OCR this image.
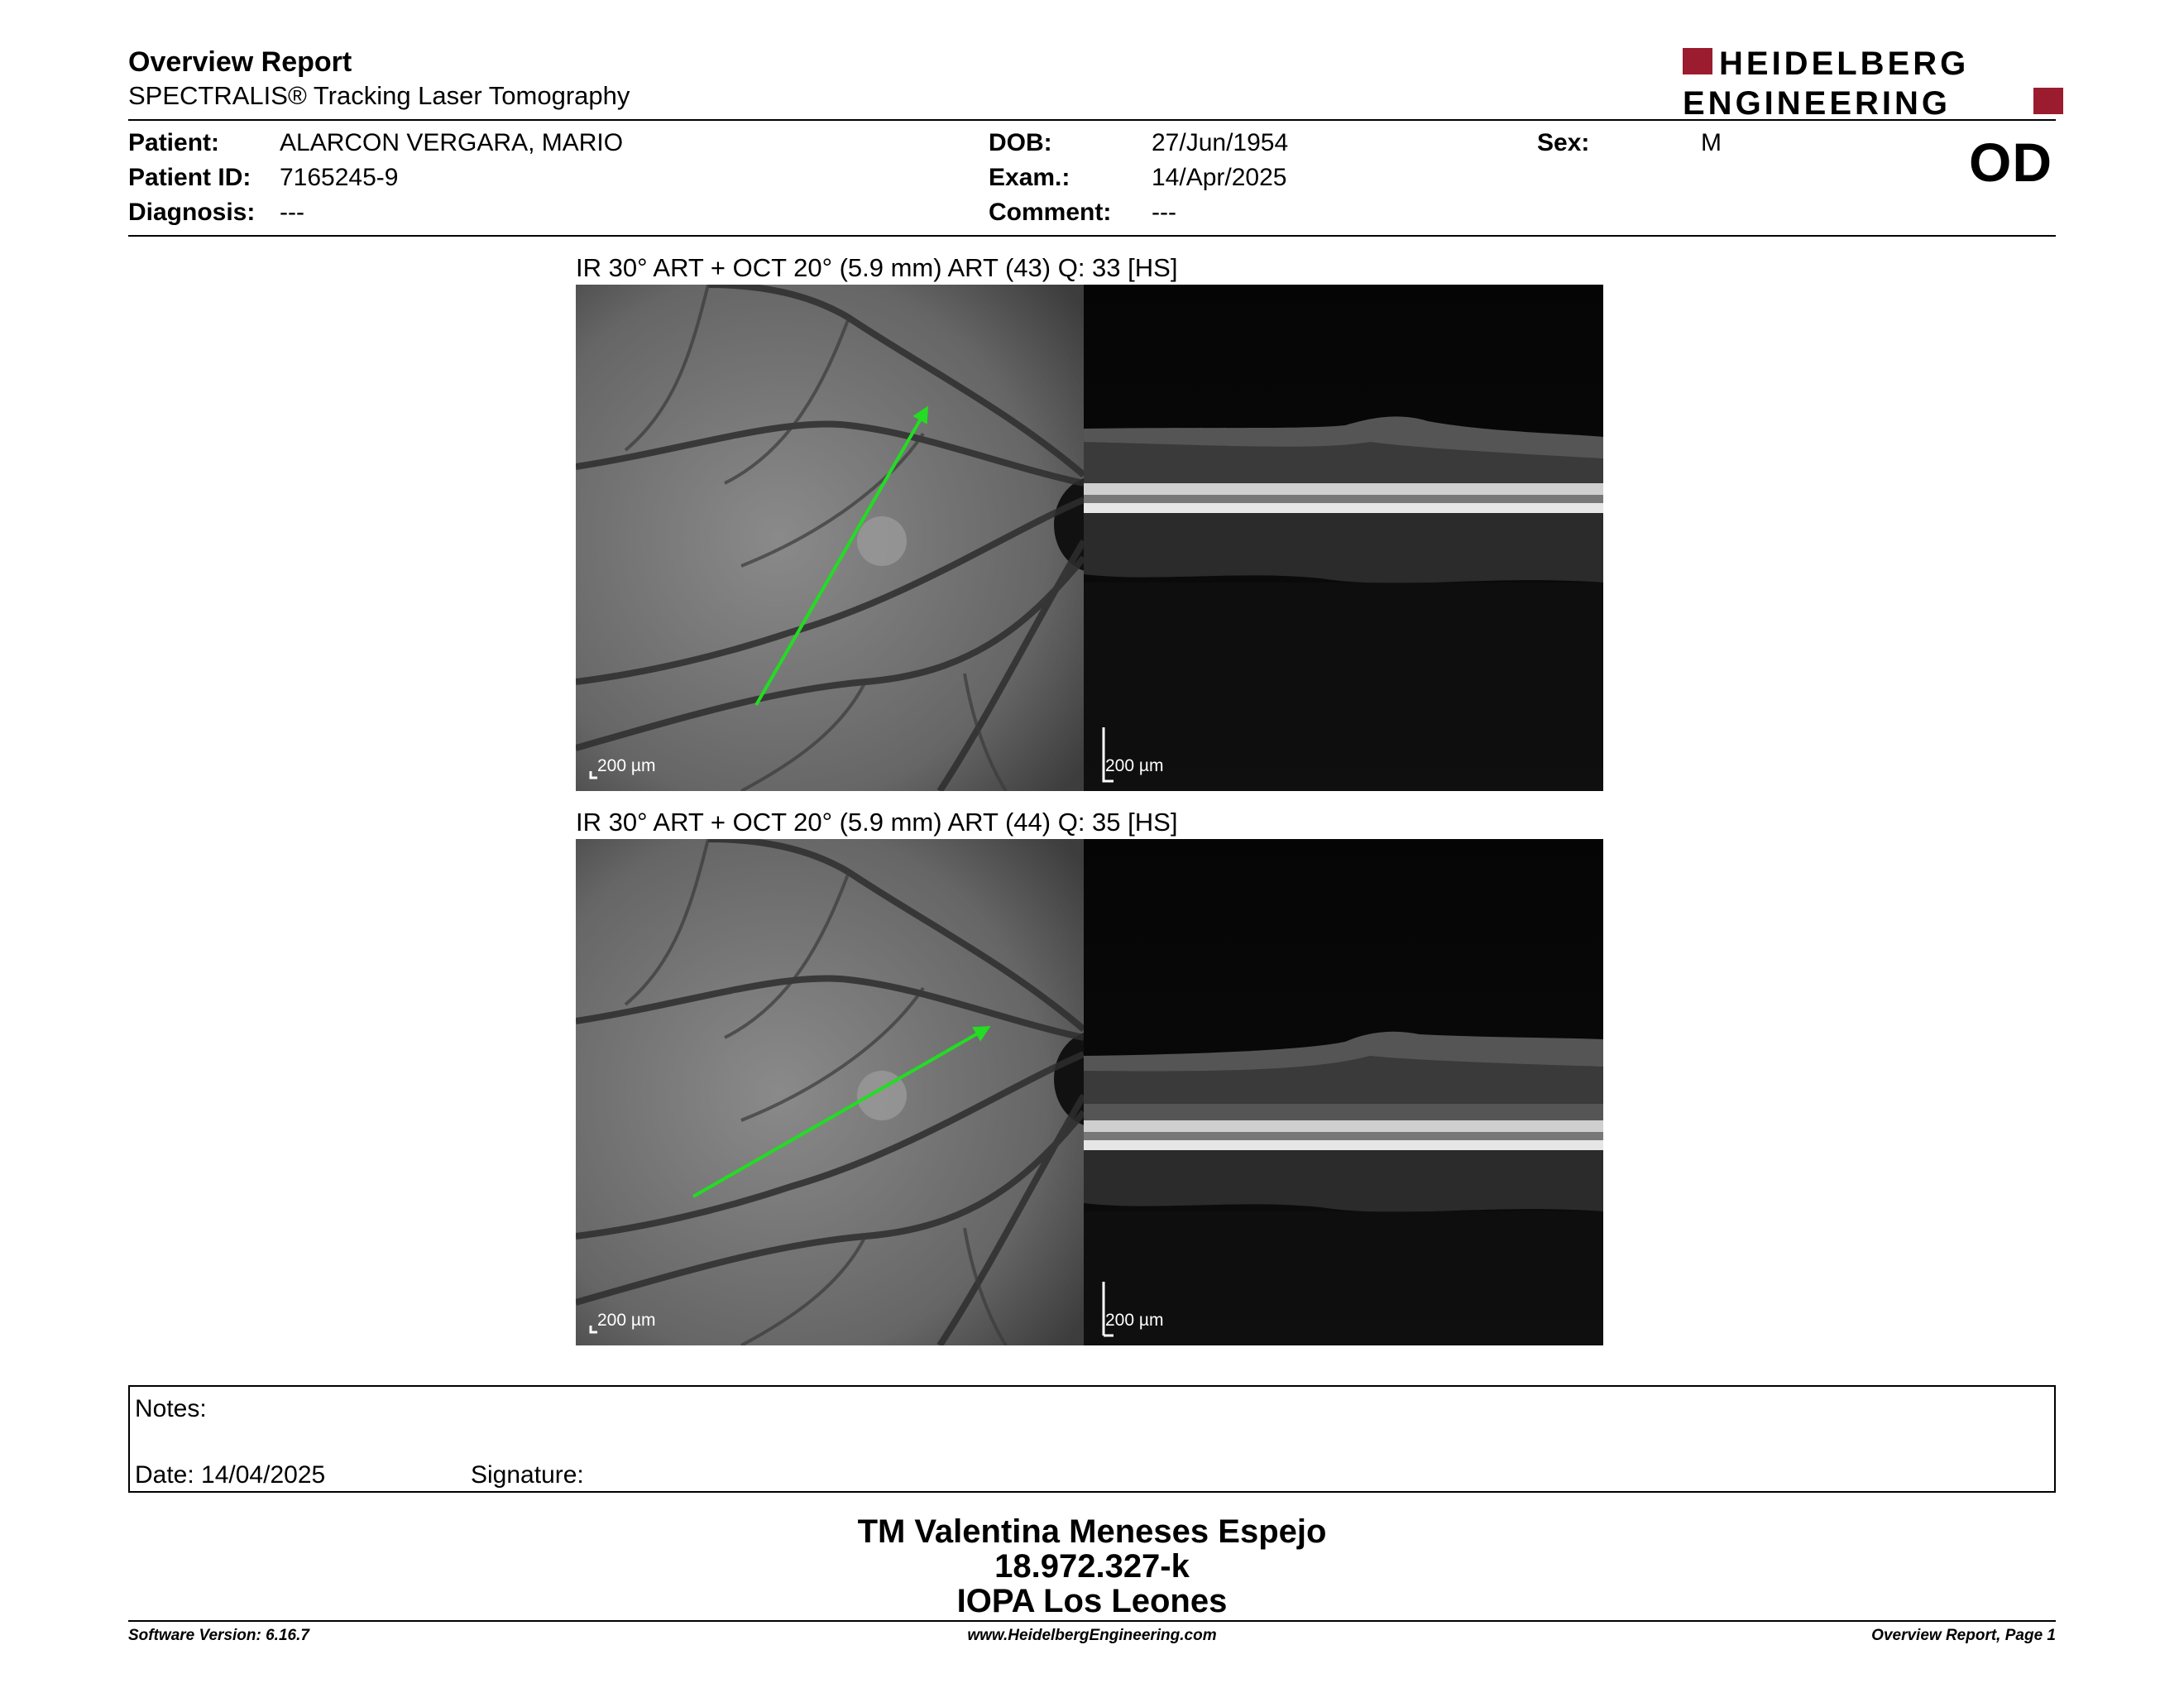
Overview Report
SPECTRALIS® Tracking Laser Tomography
HEIDELBERG
ENGINEERING
Patient: ALARCON VERGARA, MARIO
Patient ID: 7165245-9
Diagnosis: ---
DOB:	27/Jun/1954
Exam.:	14/Apr/2025
Comment: ---
Sex:	M	OD
IR 30° ART + OCT 20° (5.9 mm) ART (43) Q: 33 [HS]
200 µm	200 µm
IR 30° ART + OCT 20° (5.9 mm) ART (44) Q: 35 [HS]
200 µm	200 µm
Notes:
Date: 14/04/2025	Signature:
TM Valentina Meneses Espejo
18.972.327-k
IOPA Los Leones
Software Version: 6.16.7	www.HeidelbergEngineering.com	Overview Report, Page 1
